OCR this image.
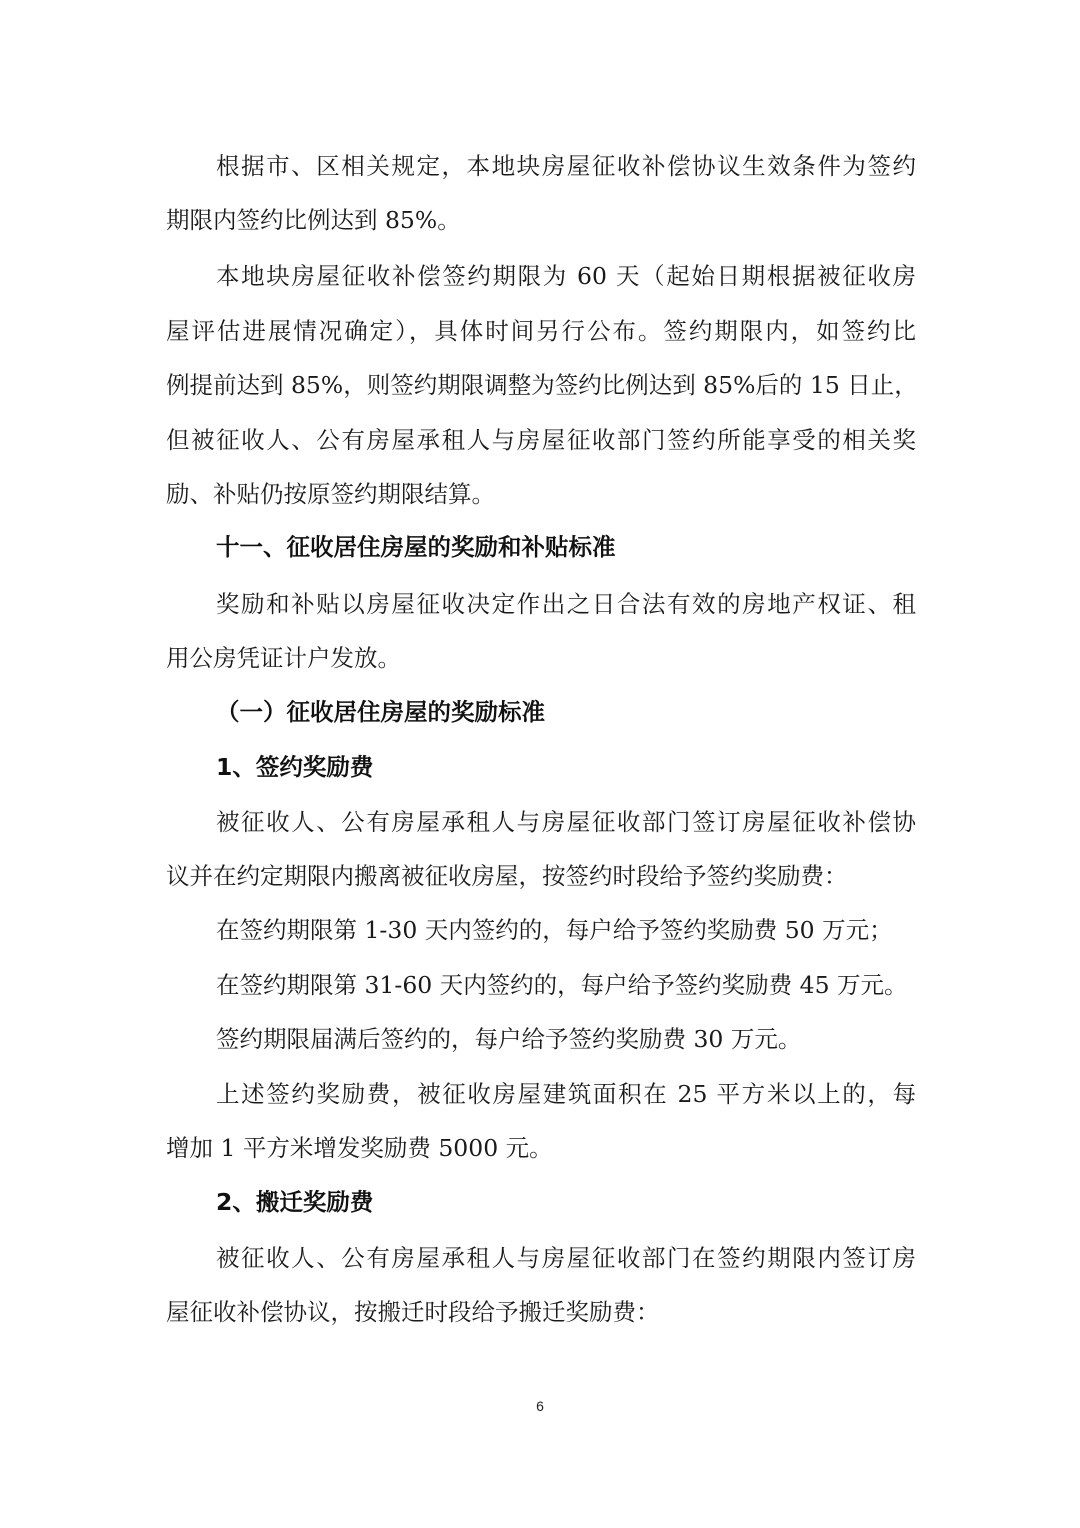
根据市、区相关规定，本地块房屋征收补偿协议生效条件为签约
期限内签约比例达到 85%。
本地块房屋征收补偿签约期限为 60 天（起始日期根据被征收房
屋评估进展情况确定），具体时间另行公布。签约期限内，如签约比
例提前达到 85%，则签约期限调整为签约比例达到 85%后的 15 日止，
但被征收人、公有房屋承租人与房屋征收部门签约所能享受的相关奖
励、补贴仍按原签约期限结算。
十一、征收居住房屋的奖励和补贴标准
奖励和补贴以房屋征收决定作出之日合法有效的房地产权证、租
用公房凭证计户发放。
（一）征收居住房屋的奖励标准
1、签约奖励费
被征收人、公有房屋承租人与房屋征收部门签订房屋征收补偿协
议并在约定期限内搬离被征收房屋，按签约时段给予签约奖励费：
在签约期限第 1-30 天内签约的，每户给予签约奖励费 50 万元；
在签约期限第 31-60 天内签约的，每户给予签约奖励费 45 万元。
签约期限届满后签约的，每户给予签约奖励费 30 万元。
上述签约奖励费，被征收房屋建筑面积在 25 平方米以上的，每
增加 1 平方米增发奖励费 5000 元。
2、搬迁奖励费
被征收人、公有房屋承租人与房屋征收部门在签约期限内签订房
屋征收补偿协议，按搬迁时段给予搬迁奖励费：
6
